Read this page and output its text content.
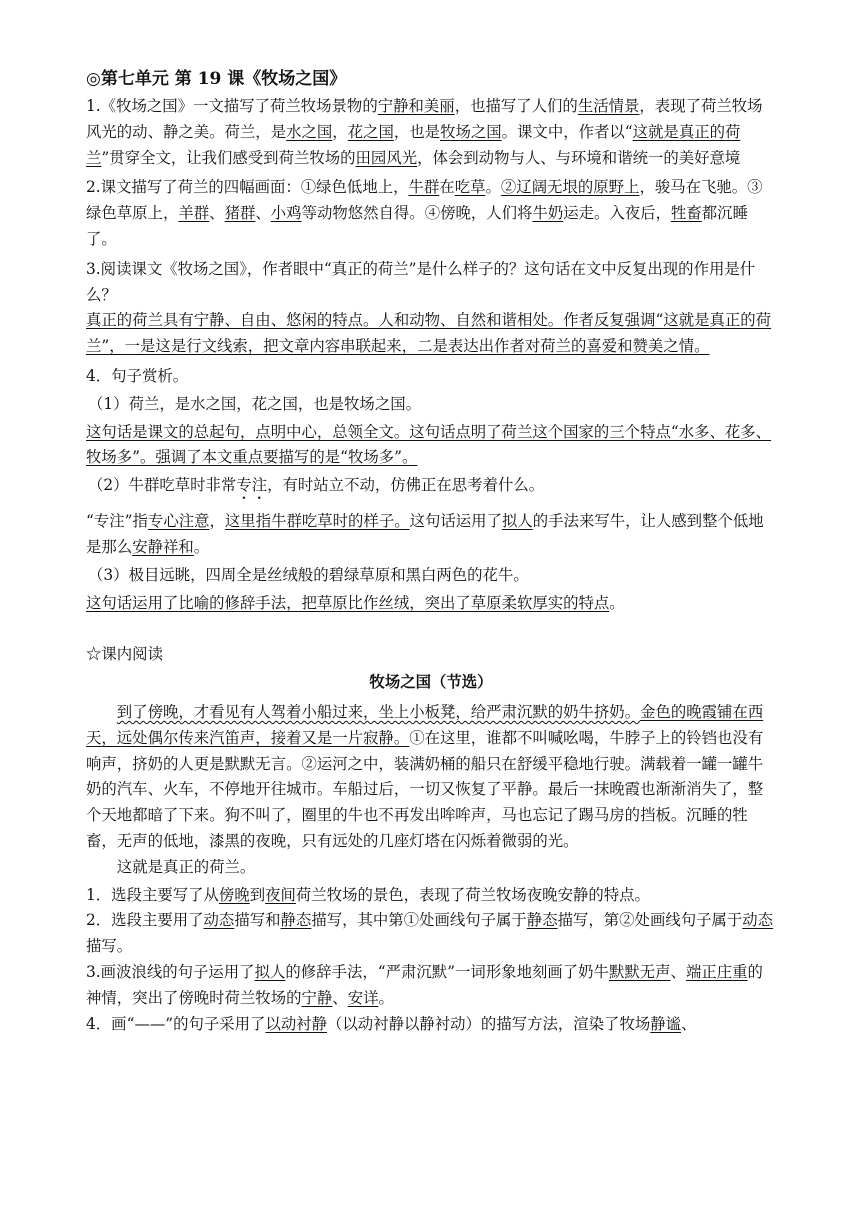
◎第七单元 第 19 课《牧场之国》

1.《牧场之国》一文描写了荷兰牧场景物的宁静和美丽，也描写了人们的生活情景，表现了荷兰牧场风光的动、静之美。荷兰，是水之国，花之国，也是牧场之国。课文中，作者以“这就是真正的荷兰”贯穿全文，让我们感受到荷兰牧场的田园风光，体会到动物与人、与环境和谐统一的美好意境

2.课文描写了荷兰的四幅画面：①绿色低地上，牛群在吃草。②辽阔无垠的原野上，骏马在飞驰。③绿色草原上，羊群、猪群、小鸡等动物悠然自得。④傍晚，人们将牛奶运走。入夜后，牲畜都沉睡了。

3.阅读课文《牧场之国》，作者眼中“真正的荷兰”是什么样子的？这句话在文中反复出现的作用是什么？

真正的荷兰具有宁静、自由、悠闲的特点。人和动物、自然和谐相处。作者反复强调“这就是真正的荷兰”，一是这是行文线索，把文章内容串联起来，二是表达出作者对荷兰的喜爱和赞美之情。

4．句子赏析。

（1）荷兰，是水之国，花之国，也是牧场之国。

这句话是课文的总起句，点明中心，总领全文。这句话点明了荷兰这个国家的三个特点“水多、花多、牧场多”。强调了本文重点要描写的是“牧场多”。

（2）牛群吃草时非常专注，有时站立不动，仿佛正在思考着什么。

“专注”指专心注意，这里指牛群吃草时的样子。这句话运用了拟人的手法来写牛，让人感到整个低地是那么安静祥和。

（3）极目远眺，四周全是丝绒般的碧绿草原和黑白两色的花牛。

这句话运用了比喻的修辞手法，把草原比作丝绒，突出了草原柔软厚实的特点。

☆课内阅读

牧场之国（节选）

到了傍晚，才看见有人驾着小船过来，坐上小板凳，给严肃沉默的奶牛挤奶。金色的晚霞铺在西天，远处偶尔传来汽笛声，接着又是一片寂静。①在这里，谁都不叫喊吆喝，牛脖子上的铃铛也没有响声，挤奶的人更是默默无言。②运河之中，装满奶桶的船只在舒缓平稳地行驶。满载着一罐一罐牛奶的汽车、火车，不停地开往城市。车船过后，一切又恢复了平静。最后一抹晚霞也渐渐消失了，整个天地都暗了下来。狗不叫了，圈里的牛也不再发出哞哞声，马也忘记了踢马房的挡板。沉睡的牲畜，无声的低地，漆黑的夜晚，只有远处的几座灯塔在闪烁着微弱的光。

这就是真正的荷兰。

1．选段主要写了从傍晚到夜间荷兰牧场的景色，表现了荷兰牧场夜晚安静的特点。

2．选段主要用了动态描写和静态描写，其中第①处画线句子属于静态描写，第②处画线句子属于动态描写。

3.画波浪线的句子运用了拟人的修辞手法，“严肃沉默”一词形象地刻画了奶牛默默无声、端正庄重的神情，突出了傍晚时荷兰牧场的宁静、安详。

4．画“——”的句子采用了以动衬静（以动衬静以静衬动）的描写方法，渲染了牧场静谧、
